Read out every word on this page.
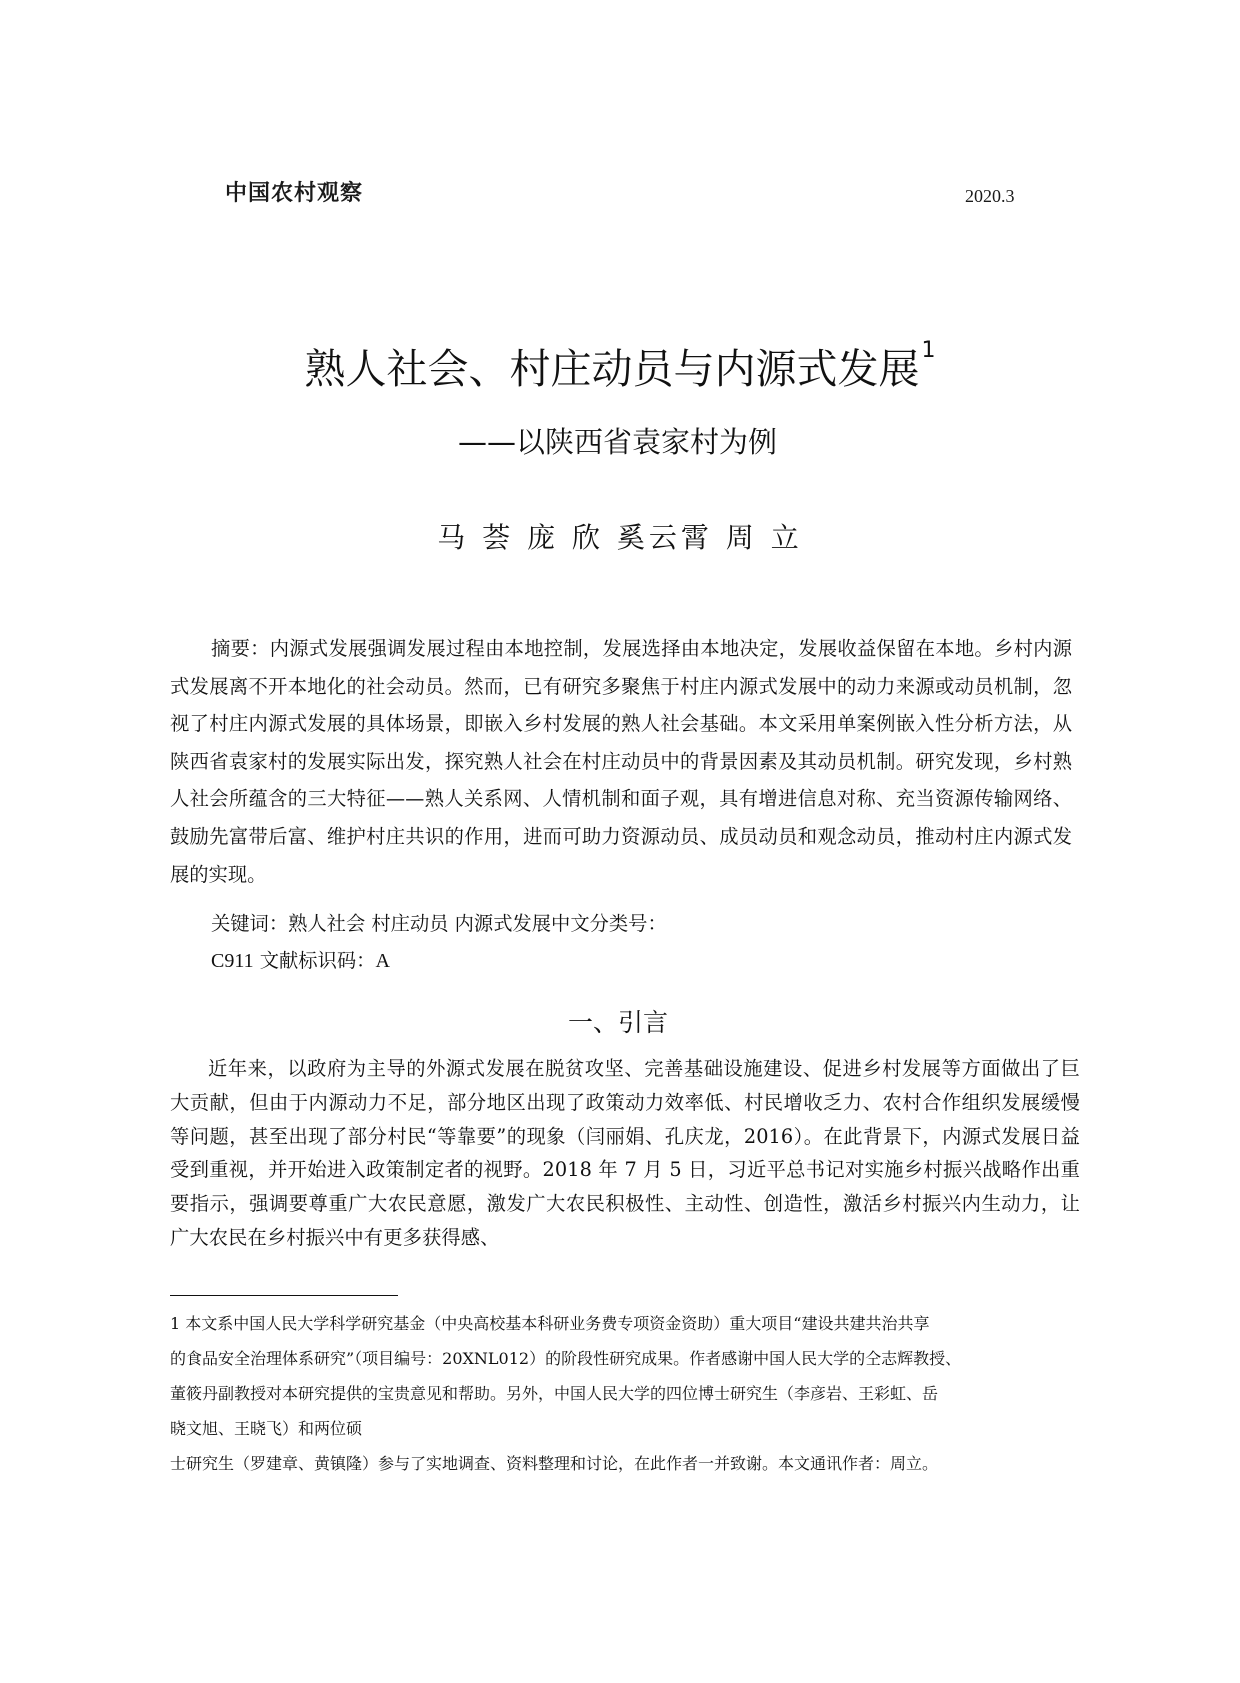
中国农村观察	2020.3
熟人社会、村庄动员与内源式发展$^1$
——以陕西省袁家村为例
马 荟 庞 欣 奚云霄 周 立

摘要：内源式发展强调发展过程由本地控制，发展选择由本地决定，发展收益保留在本地。乡村内源式发展离不开本地化的社会动员。然而，已有研究多聚焦于村庄内源式发展中的动力来源或动员机制，忽视了村庄内源式发展的具体场景，即嵌入乡村发展的熟人社会基础。本文采用单案例嵌入性分析方法，从陕西省袁家村的发展实际出发，探究熟人社会在村庄动员中的背景因素及其动员机制。研究发现，乡村熟人社会所蕴含的三大特征——熟人关系网、人情机制和面子观，具有增进信息对称、充当资源传输网络、鼓励先富带后富、维护村庄共识的作用，进而可助力资源动员、成员动员和观念动员，推动村庄内源式发展的实现。

关键词：熟人社会 村庄动员 内源式发展中文分类号：
C911 文献标识码：A
一、引言

近年来，以政府为主导的外源式发展在脱贫攻坚、完善基础设施建设、促进乡村发展等方面做出了巨大贡献，但由于内源动力不足，部分地区出现了政策动力效率低、村民增收乏力、农村合作组织发展缓慢等问题，甚至出现了部分村民“等靠要”的现象（闫丽娟、孔庆龙，2016）。在此背景下，内源式发展日益受到重视，并开始进入政策制定者的视野。2018 年 7 月 5 日，习近平总书记对实施乡村振兴战略作出重要指示，强调要尊重广大农民意愿，激发广大农民积极性、主动性、创造性，激活乡村振兴内生动力，让广大农民在乡村振兴中有更多获得感、

1 本文系中国人民大学科学研究基金（中央高校基本科研业务费专项资金资助）重大项目“建设共建共治共享

的食品安全治理体系研究”（项目编号：20XNL012）的阶段性研究成果。作者感谢中国人民大学的仝志辉教授、

董筱丹副教授对本研究提供的宝贵意见和帮助。另外，中国人民大学的四位博士研究生（李彦岩、王彩虹、岳

晓文旭、王晓飞）和两位硕

士研究生（罗建章、黄镇隆）参与了实地调查、资料整理和讨论，在此作者一并致谢。本文通讯作者：周立。
